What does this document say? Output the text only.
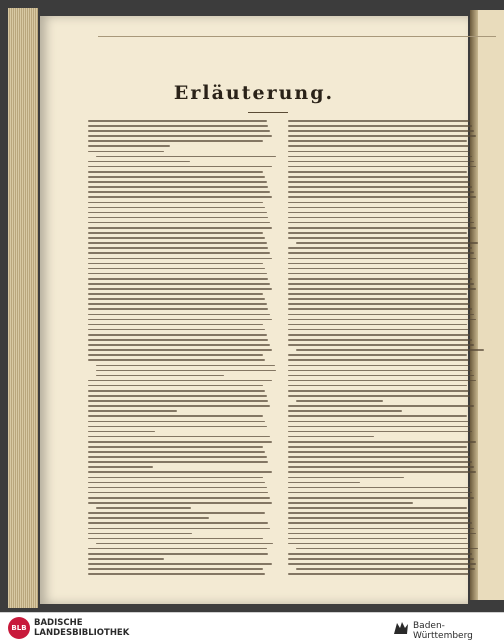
Erläuterung.
BLB BADISCHE
LANDESBIBLIOTHEK
Baden-Württemberg
